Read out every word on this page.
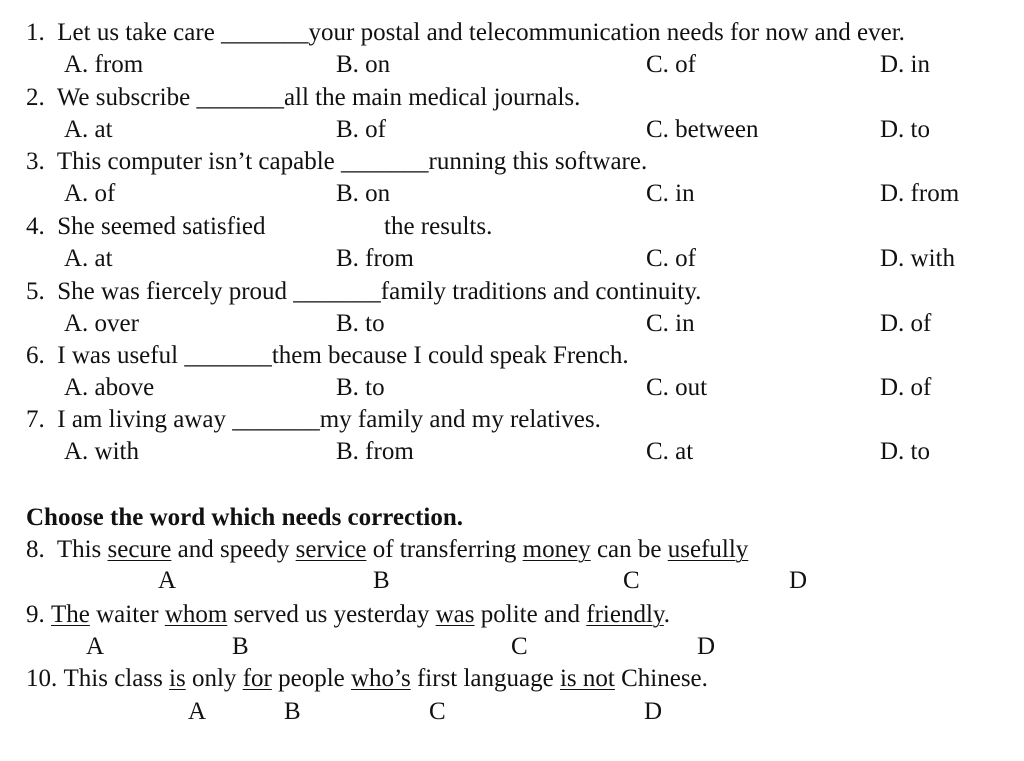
1. Let us take care _______your postal and telecommunication needs for now and ever.
A. from	B. on	C. of	D. in
2. We subscribe _______all the main medical journals.
A. at	B. of	C. between	D. to
3. This computer isn’t capable _______running this software.
A. of	B. on	C. in	D. from
4. She seemed satisfied	the results.
A. at	B. from	C. of	D. with
5. She was fiercely proud _______family traditions and continuity.
A. over	B. to	C. in	D. of
6. I was useful _______them because I could speak French.
A. above	B. to	C. out	D. of
7. I am living away _______my family and my relatives.
A. with	B. from	C. at	D. to
Choose the word which needs correction.
8. This secure and speedy service of transferring money can be usefully
A	B	C	D
9. The waiter whom served us yesterday was polite and friendly.
A	B	C	D
10. This class is only for people who’s first language is not Chinese.
A	B	C	D
